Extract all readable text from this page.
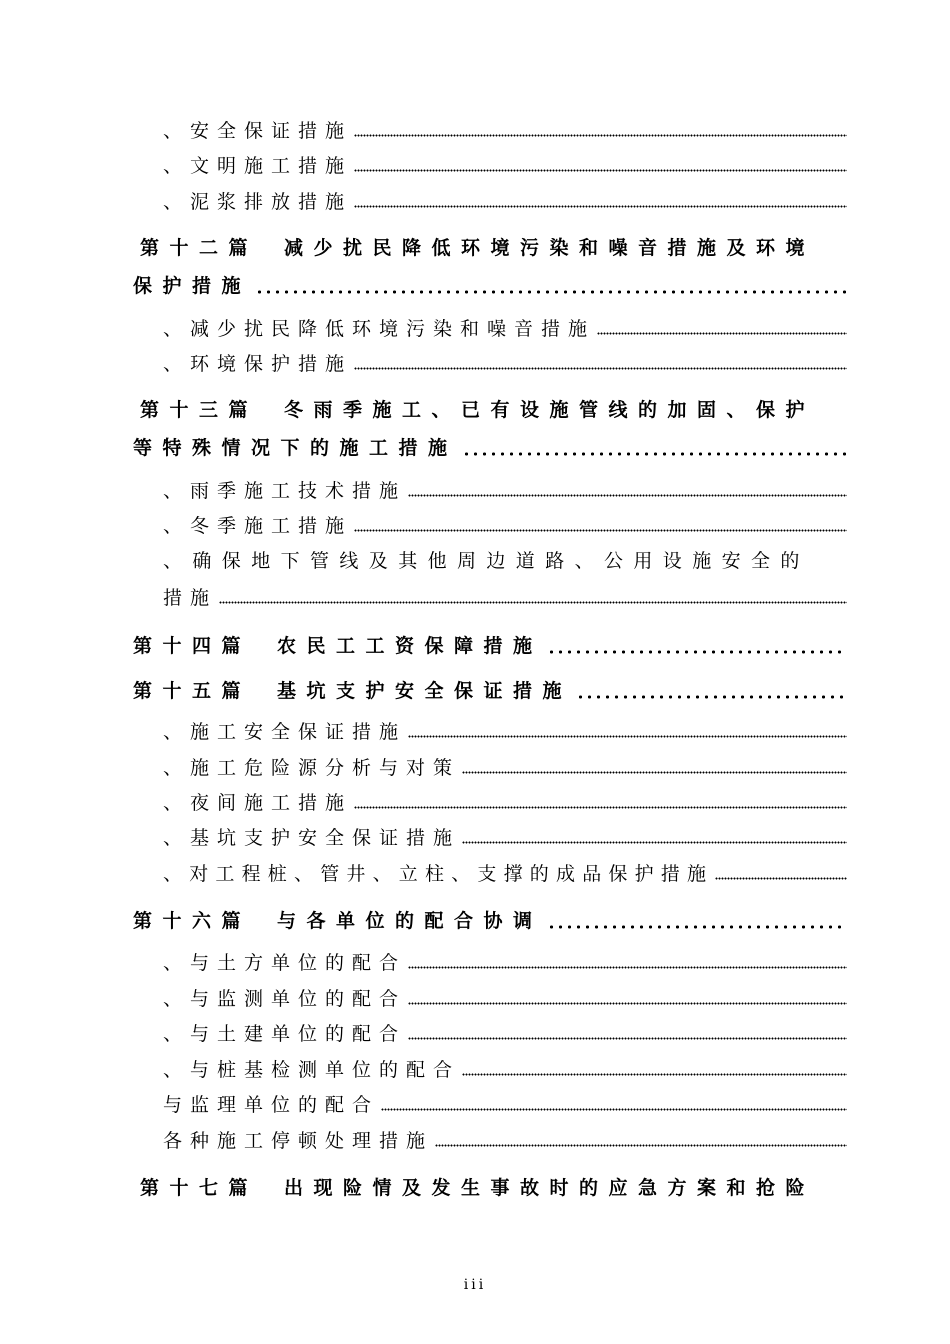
、安全保证措施
、文明施工措施
、泥浆排放措施
第十二篇 减少扰民降低环境污染和噪音措施及环境
保护措施
、减少扰民降低环境污染和噪音措施
、环境保护措施
第十三篇 冬雨季施工、已有设施管线的加固、保护
等特殊情况下的施工措施
、雨季施工技术措施
、冬季施工措施
、确保地下管线及其他周边道路、公用设施安全的
措施
第十四篇 农民工工资保障措施
第十五篇 基坑支护安全保证措施
、施工安全保证措施
、施工危险源分析与对策
、夜间施工措施
、基坑支护安全保证措施
、对工程桩、管井、立柱、支撑的成品保护措施
第十六篇 与各单位的配合协调
、与土方单位的配合
、与监测单位的配合
、与土建单位的配合
、与桩基检测单位的配合
与监理单位的配合
各种施工停顿处理措施
第十七篇 出现险情及发生事故时的应急方案和抢险
iii
